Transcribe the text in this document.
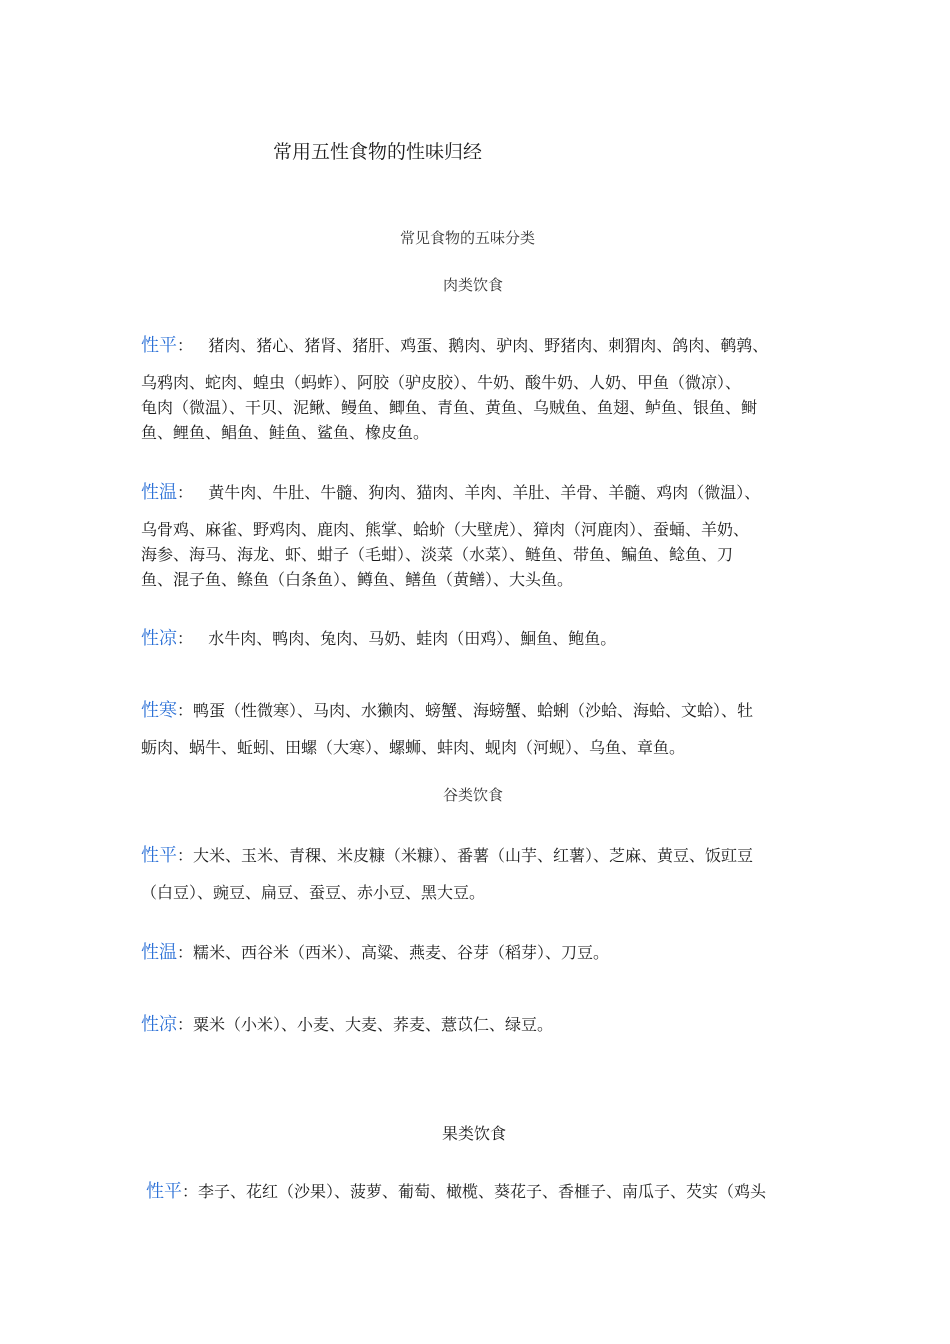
常用五性食物的性味归经
常见食物的五味分类
肉类饮食
性平：   猪肉、猪心、猪肾、猪肝、鸡蛋、鹅肉、驴肉、野猪肉、刺猬肉、鸽肉、鹌鹑、
乌鸦肉、蛇肉、蝗虫（蚂蚱）、阿胶（驴皮胶）、牛奶、酸牛奶、人奶、甲鱼（微凉）、
龟肉（微温）、干贝、泥鳅、鳗鱼、鲫鱼、青鱼、黄鱼、乌贼鱼、鱼翅、鲈鱼、银鱼、鲥
鱼、鲤鱼、鲳鱼、鲑鱼、鲨鱼、橡皮鱼。
性温：   黄牛肉、牛肚、牛髓、狗肉、猫肉、羊肉、羊肚、羊骨、羊髓、鸡肉（微温）、
乌骨鸡、麻雀、野鸡肉、鹿肉、熊掌、蛤蚧（大壁虎）、獐肉（河鹿肉）、蚕蛹、羊奶、
海参、海马、海龙、虾、蚶子（毛蚶）、淡菜（水菜）、鲢鱼、带鱼、鳊鱼、鲶鱼、刀
鱼、混子鱼、鲦鱼（白条鱼）、鳟鱼、鳝鱼（黄鳝）、大头鱼。
性凉：   水牛肉、鸭肉、兔肉、马奶、蛙肉（田鸡）、鮰鱼、鲍鱼。
性寒：鸭蛋（性微寒）、马肉、水獭肉、螃蟹、海螃蟹、蛤蜊（沙蛤、海蛤、文蛤）、牡
蛎肉、蜗牛、蚯蚓、田螺（大寒）、螺蛳、蚌肉、蚬肉（河蚬）、乌鱼、章鱼。
谷类饮食
性平：大米、玉米、青稞、米皮糠（米糠）、番薯（山芋、红薯）、芝麻、黄豆、饭豇豆
（白豆）、豌豆、扁豆、蚕豆、赤小豆、黑大豆。
性温：糯米、西谷米（西米）、高粱、燕麦、谷芽（稻芽）、刀豆。
性凉：粟米（小米）、小麦、大麦、荞麦、薏苡仁、绿豆。
果类饮食
性平：李子、花红（沙果）、菠萝、葡萄、橄榄、葵花子、香榧子、南瓜子、芡实（鸡头
